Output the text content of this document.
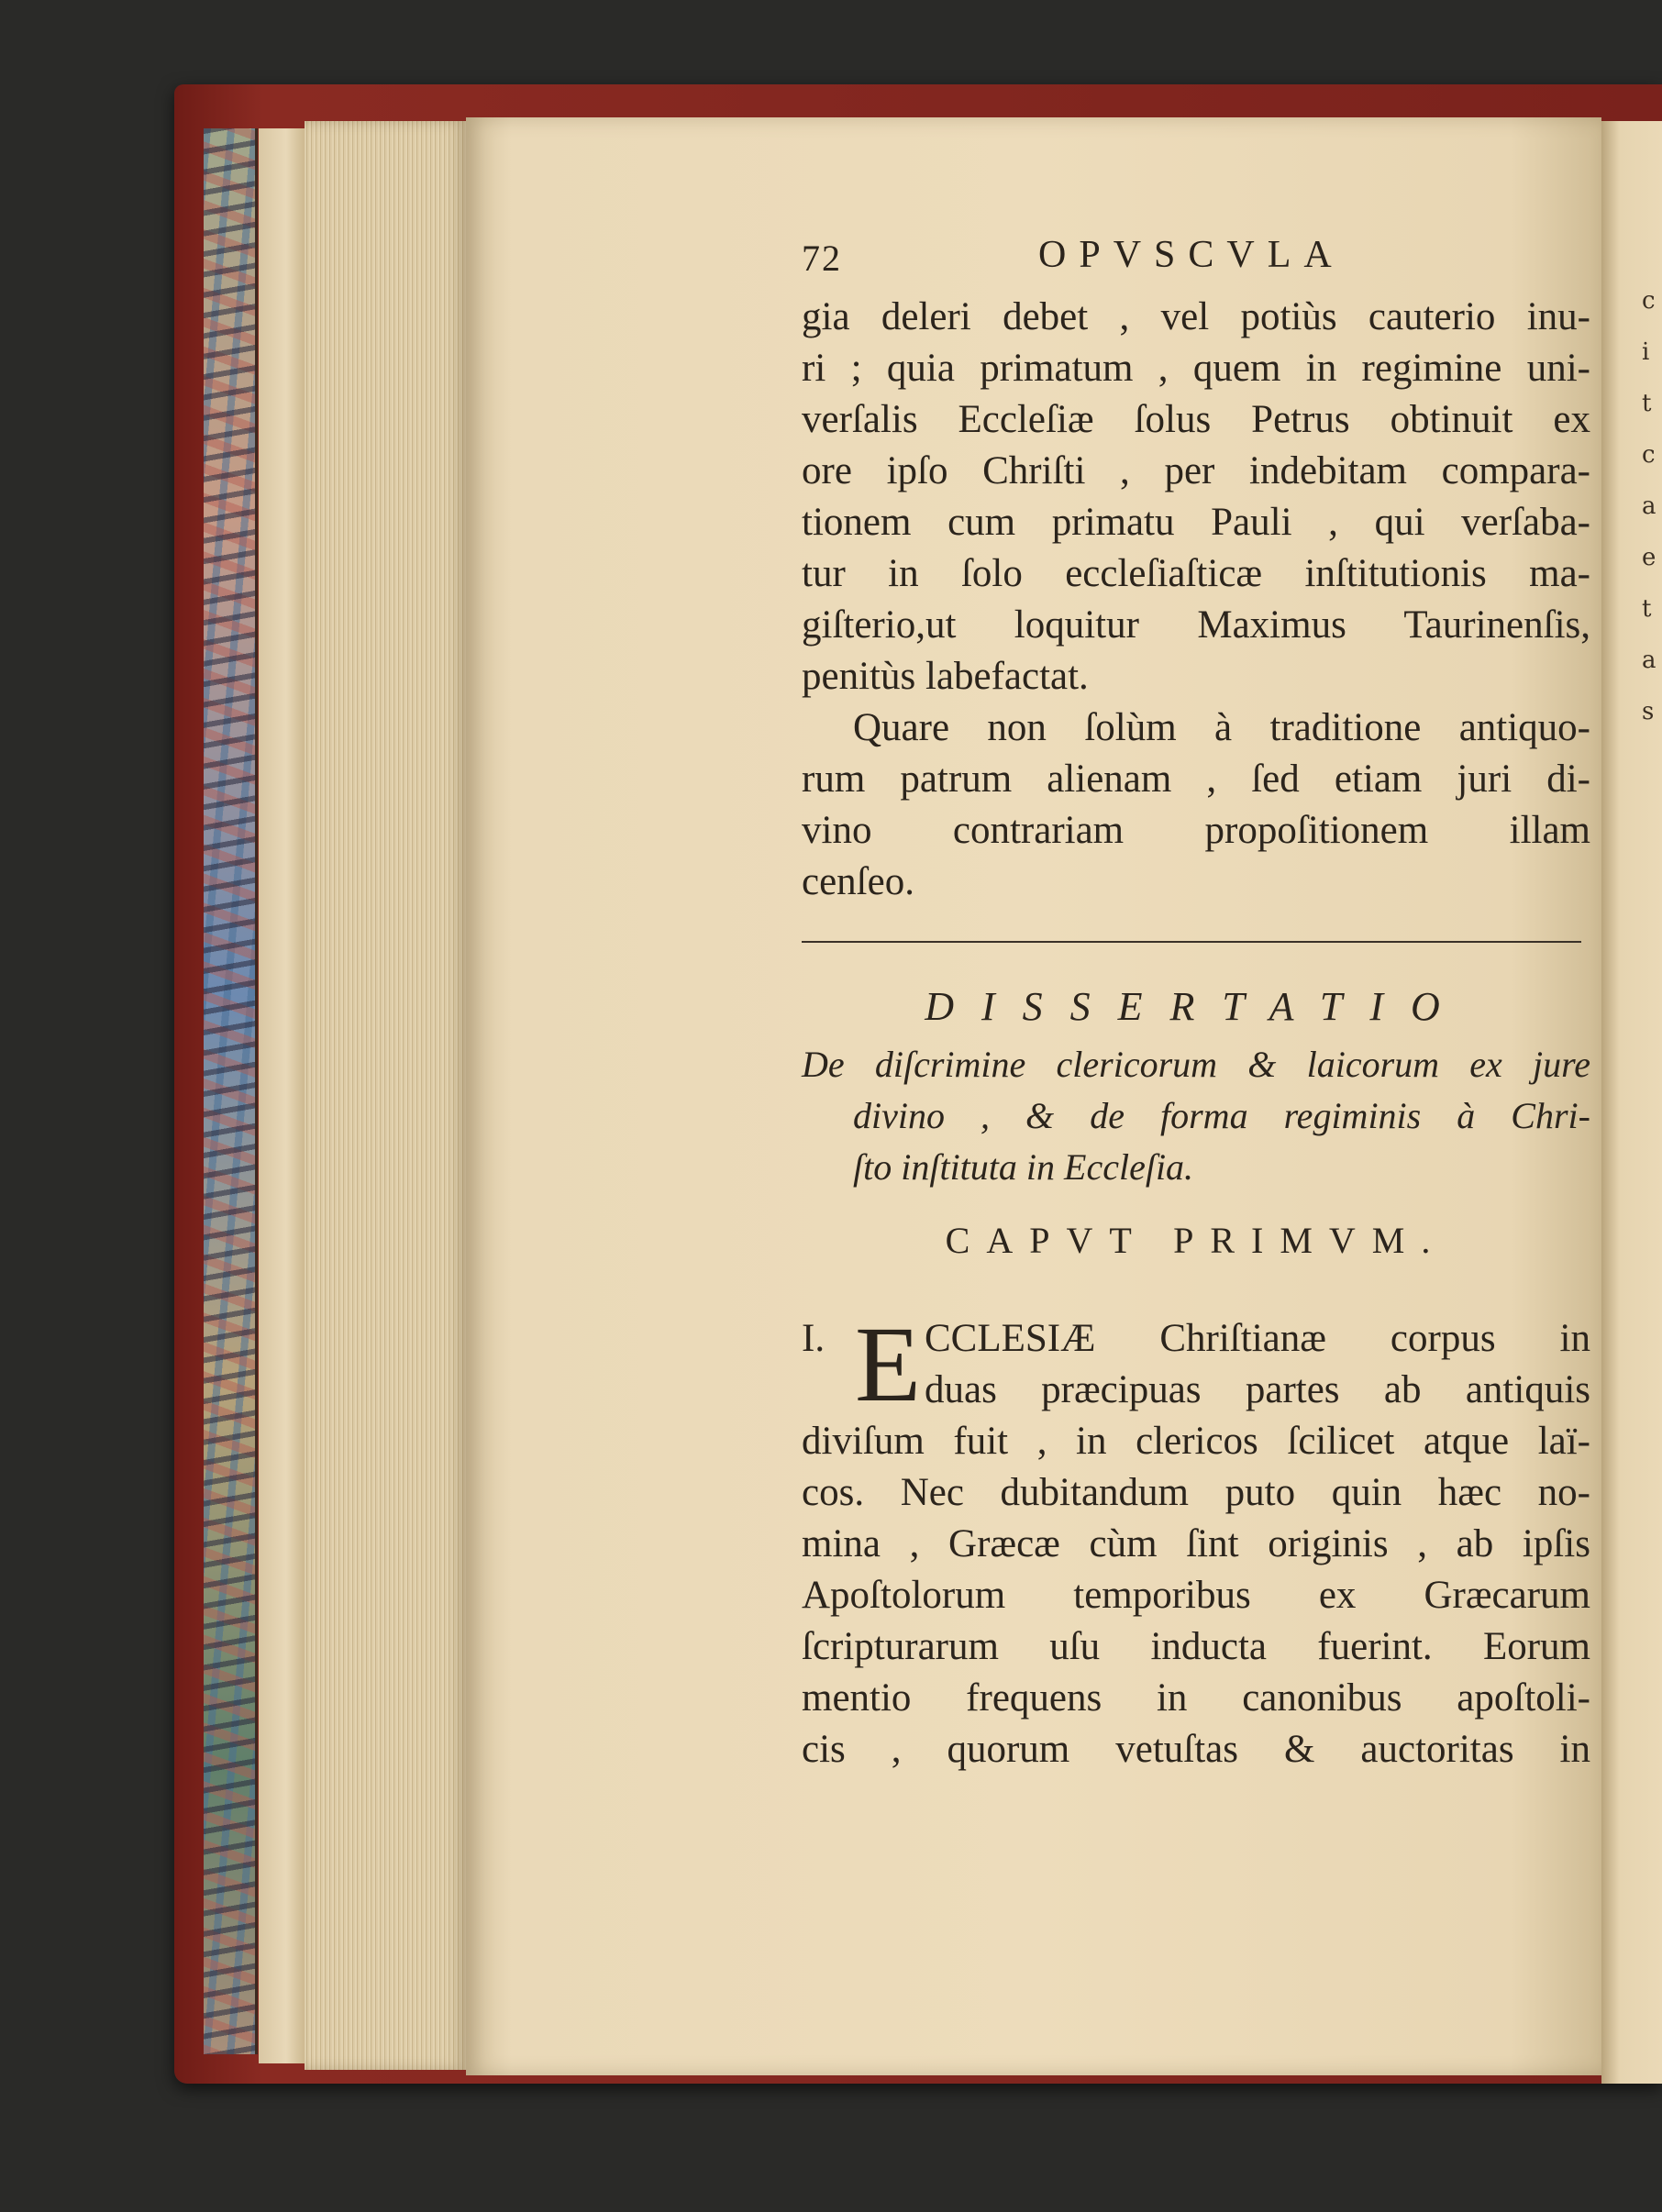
c
i
t
c
a
e
t
a
s
72	OPVSCVLA

gia deleri debet , vel potiùs cauterio inu-
ri ; quia primatum , quem in regimine uni-
verſalis Eccleſiæ ſolus Petrus obtinuit ex
ore ipſo Chriſti , per indebitam compara-
tionem cum primatu Pauli , qui verſaba-
tur in ſolo eccleſiaſticæ inſtitutionis ma-
giſterio,ut loquitur Maximus Taurinenſis,
penitùs labefactat.

Quare non ſolùm à traditione antiquo-
rum patrum alienam , ſed etiam juri di-
vino contrariam propoſitionem illam
cenſeo.

DISSERTATIO
De diſcrimine clericorum & laicorum ex jure
divino , & de forma regiminis à Chri-
ſto inſtituta in Eccleſia.
CAPVT PRIMVM.
I. E CCLESIÆ Chriſtianæ corpus in
duas præcipuas partes ab antiquis
diviſum fuit , in clericos ſcilicet atque laï-
cos. Nec dubitandum puto quin hæc no-
mina , Græcæ cùm ſint originis , ab ipſis
Apoſtolorum temporibus ex Græcarum
ſcripturarum uſu inducta fuerint. Eorum
mentio frequens in canonibus apoſtoli-
cis , quorum vetuſtas & auctoritas in
